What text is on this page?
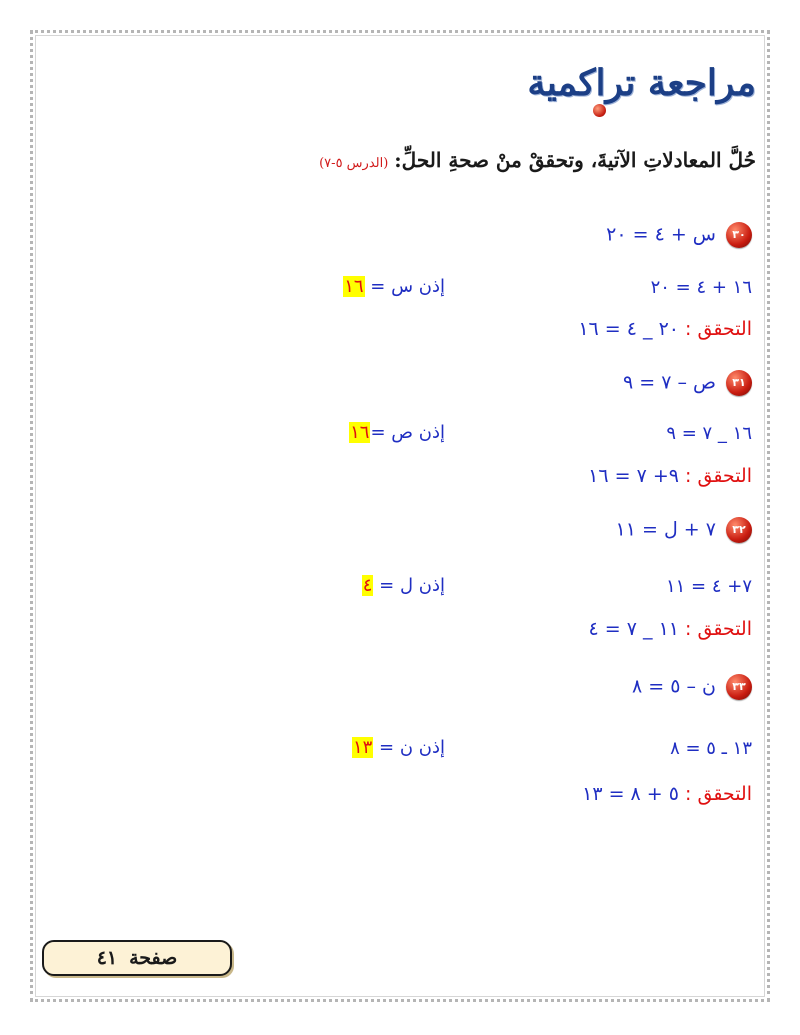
مراجعة تراكمية
حُلَّ المعادلاتِ الآتيةَ، وتحققْ منْ صحةِ الحلِّ:(الدرس ٥-٧)
٣٠س + ٤ = ٢٠
١٦ + ٤ = ٢٠
إذن س = ١٦
التحقق : ٢٠ _ ٤ = ١٦
٣١ص – ٧ = ٩
١٦ _ ٧ = ٩
إذن ص =١٦
التحقق : ٩+ ٧ = ١٦
٣٢٧ + ل = ١١
٧+ ٤ = ١١
إذن ل = ٤
التحقق : ١١ _ ٧ = ٤
٣٣ن – ٥ = ٨
١٣ ـ ٥ = ٨
إذن ن = ١٣
التحقق : ٥ + ٨ = ١٣
صفحة٤١
